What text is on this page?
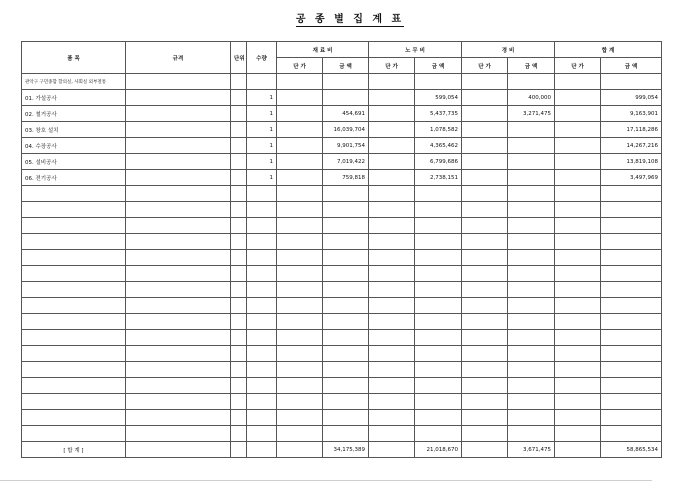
공 종 별 집 계 표
품 목	규격	단위	수량	재 료 비		노 무 비		경 비		합 계	
				단 가	금 액	단 가	금 액	단 가	금 액	단 가	금 액
관악구 구민종합 할의실, 사회실 외부철통											
01. 가설공사			1				599,054		400,000		999,054
02. 철거공사			1		454,691		5,437,735		3,271,475		9,163,901
03. 창호 설치			1		16,039,704		1,078,582				17,118,286
04. 수장공사			1		9,901,754		4,365,462				14,267,216
05. 설비공사			1		7,019,422		6,799,686				13,819,108
06. 전기공사			1		759,818		2,738,151				3,497,969

[ 합 계 ]					34,175,389		21,018,670		3,671,475		58,865,534
